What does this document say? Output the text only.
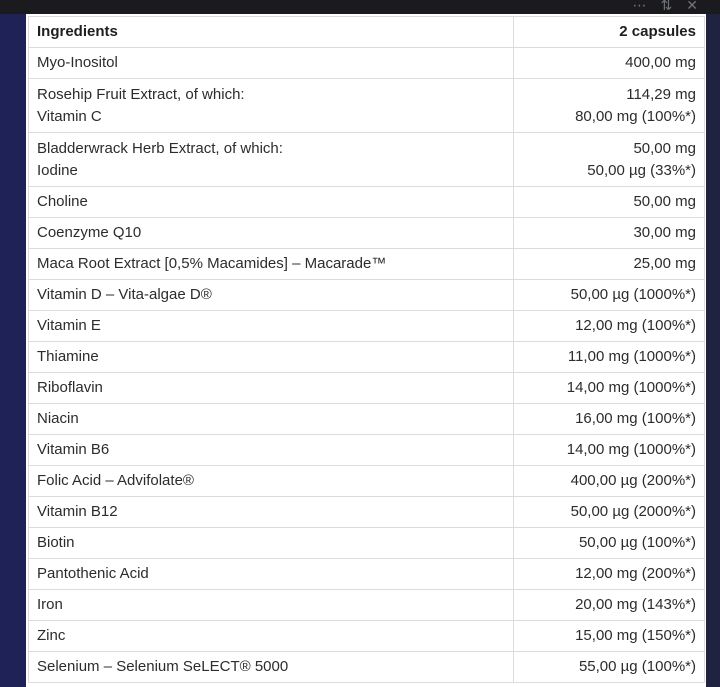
⋯⇅✕
Ingredients	2 capsules

Myo-Inositol	400,00 mg

Rosehip Fruit Extract, of which:
Vitamin C	114,29 mg
80,00 mg (100%*)

Bladderwrack Herb Extract, of which:
Iodine	50,00 mg
50,00 µg (33%*)

Choline	50,00 mg

Coenzyme Q10	30,00 mg

Maca Root Extract [0,5% Macamides] – Macarade™	25,00 mg

Vitamin D – Vita-algae D®	50,00 µg (1000%*)

Vitamin E	12,00 mg (100%*)

Thiamine	11,00 mg (1000%*)

Riboflavin	14,00 mg (1000%*)

Niacin	16,00 mg (100%*)

Vitamin B6	14,00 mg (1000%*)

Folic Acid – Advifolate®	400,00 µg (200%*)

Vitamin B12	50,00 µg (2000%*)

Biotin	50,00 µg (100%*)

Pantothenic Acid	12,00 mg (200%*)

Iron	20,00 mg (143%*)

Zinc	15,00 mg (150%*)

Selenium – Selenium SeLECT® 5000	55,00 µg (100%*)
